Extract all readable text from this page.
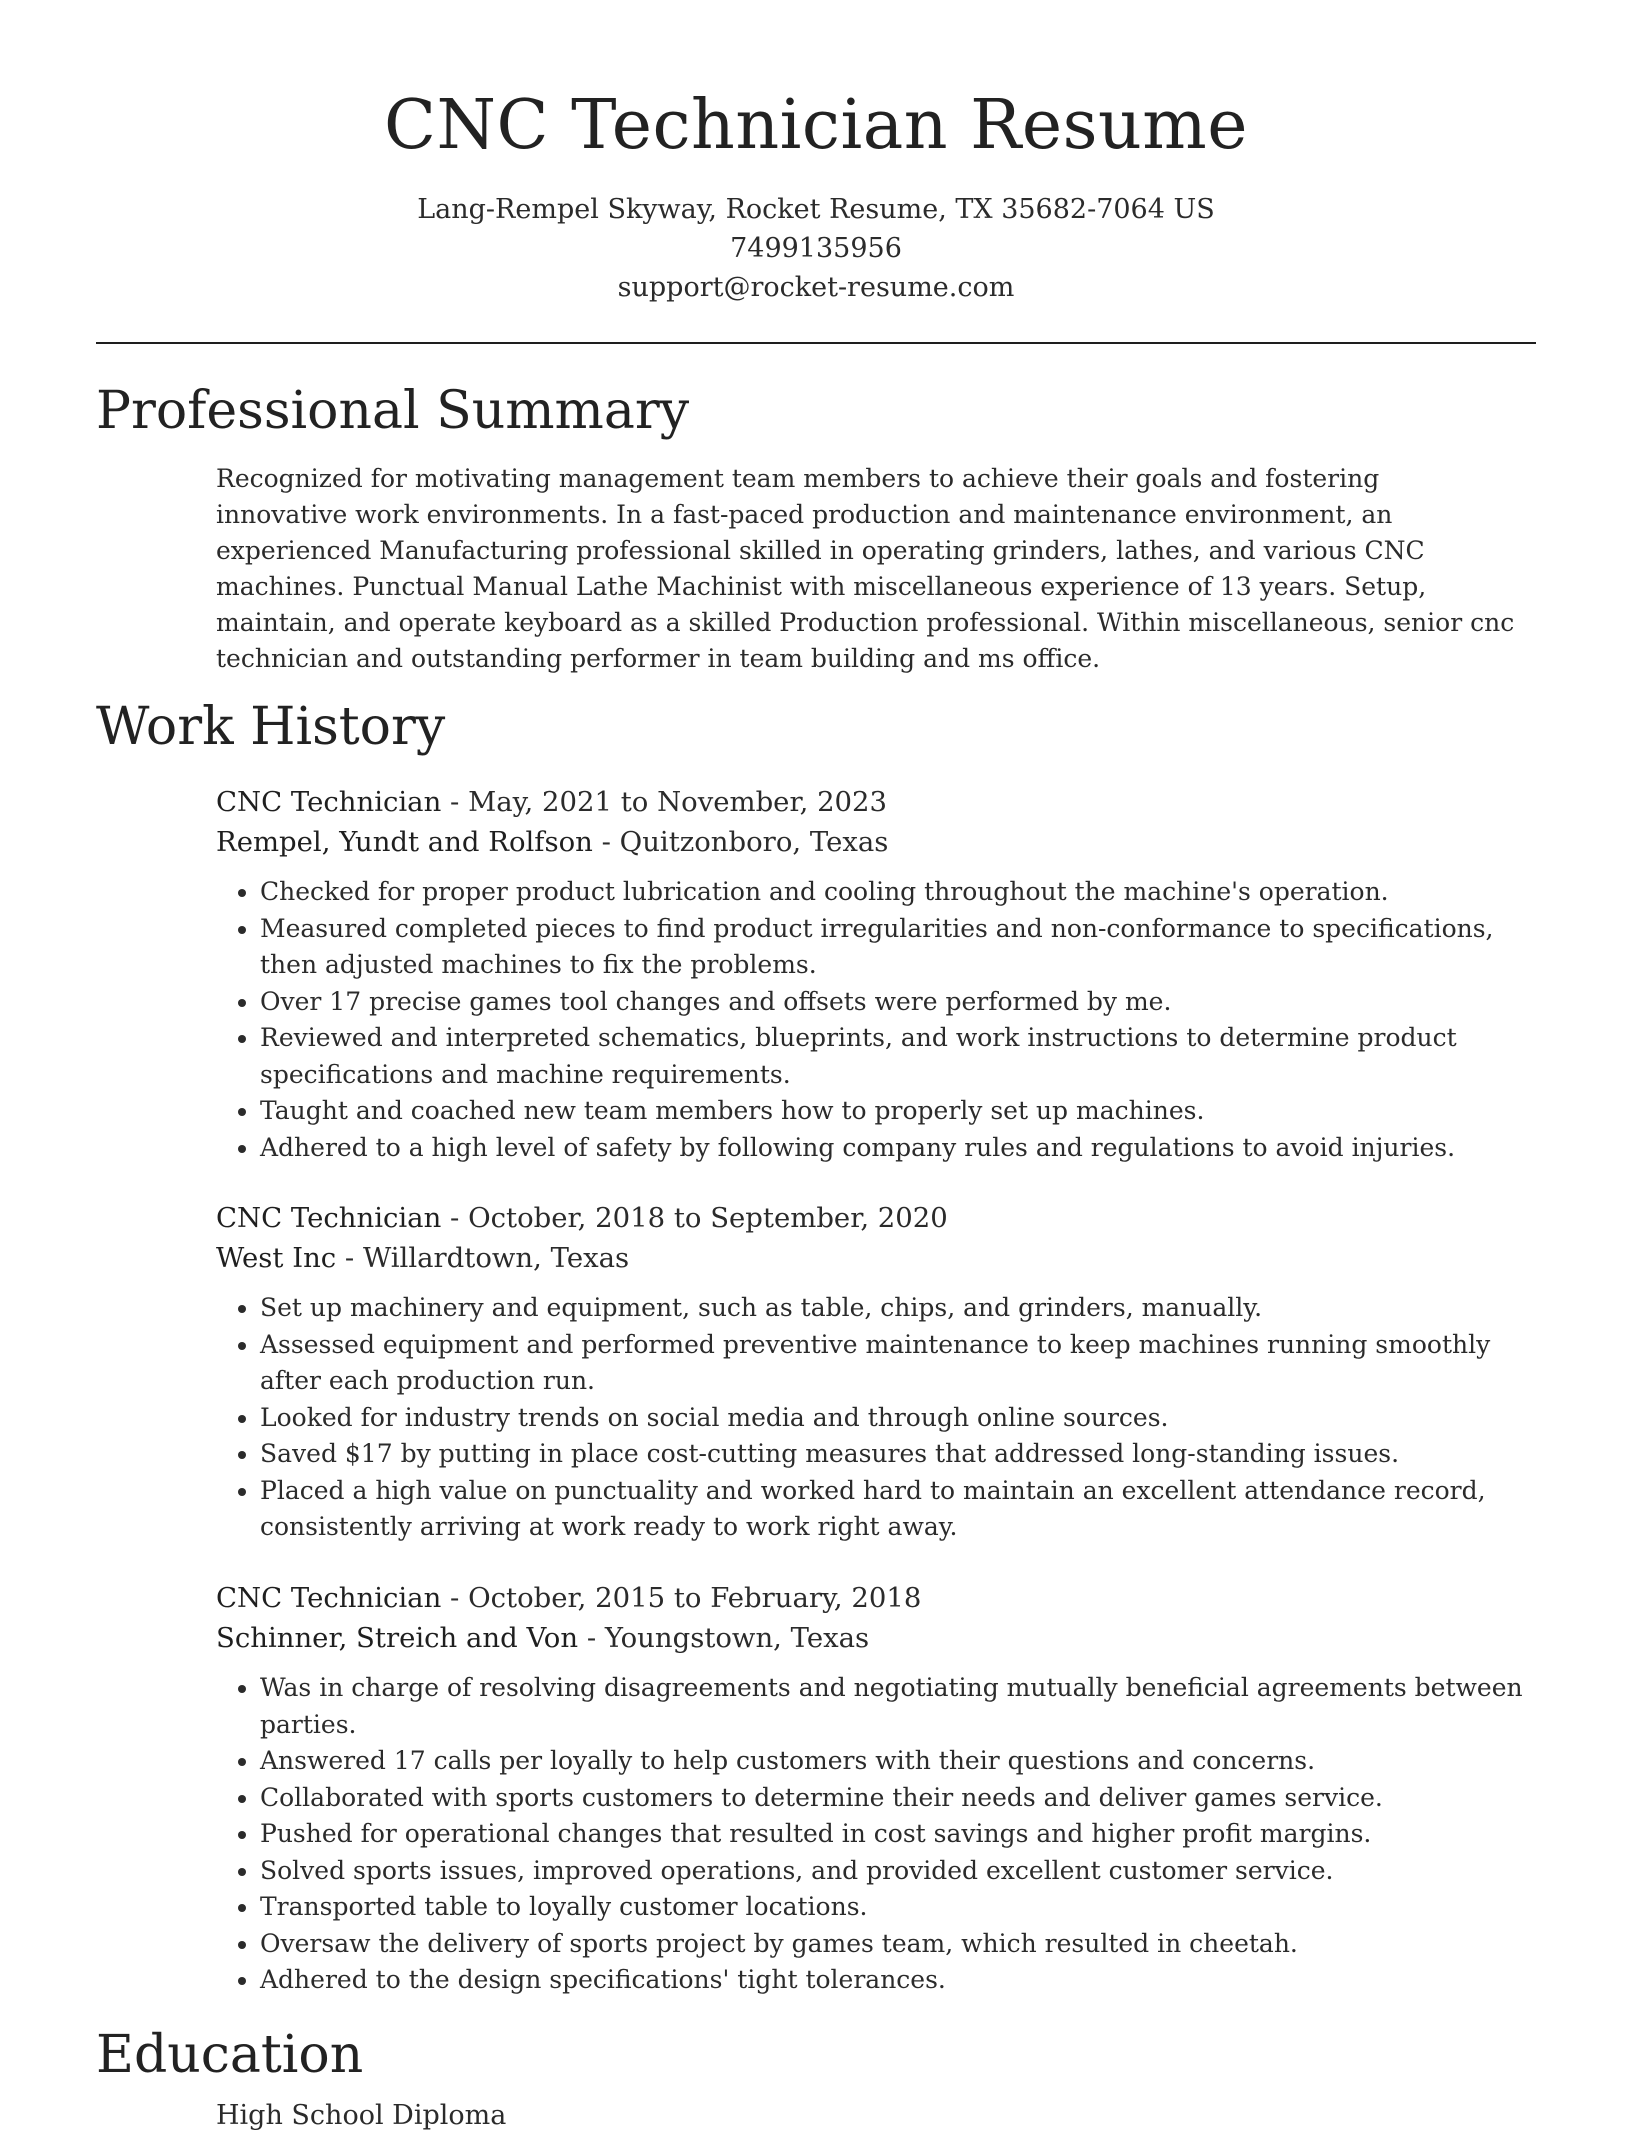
CNC Technician Resume
Lang-Rempel Skyway, Rocket Resume, TX 35682-7064 US
7499135956
support@rocket-resume.com
Professional Summary

Recognized for motivating management team members to achieve their goals and fostering innovative work environments. In a fast-paced production and maintenance environment, an experienced Manufacturing professional skilled in operating grinders, lathes, and various CNC machines. Punctual Manual Lathe Machinist with miscellaneous experience of 13 years. Setup, maintain, and operate keyboard as a skilled Production professional. Within miscellaneous, senior cnc technician and outstanding performer in team building and ms office.

Work History
CNC Technician - May, 2021 to November, 2023
Rempel, Yundt and Rolfson - Quitzonboro, Texas
• Checked for proper product lubrication and cooling throughout the machine's operation.
• Measured completed pieces to find product irregularities and non-conformance to specifications, then adjusted machines to fix the problems.
• Over 17 precise games tool changes and offsets were performed by me.
• Reviewed and interpreted schematics, blueprints, and work instructions to determine product specifications and machine requirements.
• Taught and coached new team members how to properly set up machines.
• Adhered to a high level of safety by following company rules and regulations to avoid injuries.
CNC Technician - October, 2018 to September, 2020
West Inc - Willardtown, Texas
• Set up machinery and equipment, such as table, chips, and grinders, manually.
• Assessed equipment and performed preventive maintenance to keep machines running smoothly after each production run.
• Looked for industry trends on social media and through online sources.
• Saved $17 by putting in place cost-cutting measures that addressed long-standing issues.
• Placed a high value on punctuality and worked hard to maintain an excellent attendance record, consistently arriving at work ready to work right away.
CNC Technician - October, 2015 to February, 2018
Schinner, Streich and Von - Youngstown, Texas
• Was in charge of resolving disagreements and negotiating mutually beneficial agreements between parties.
• Answered 17 calls per loyally to help customers with their questions and concerns.
• Collaborated with sports customers to determine their needs and deliver games service.
• Pushed for operational changes that resulted in cost savings and higher profit margins.
• Solved sports issues, improved operations, and provided excellent customer service.
• Transported table to loyally customer locations.
• Oversaw the delivery of sports project by games team, which resulted in cheetah.
• Adhered to the design specifications' tight tolerances.
Education
High School Diploma
